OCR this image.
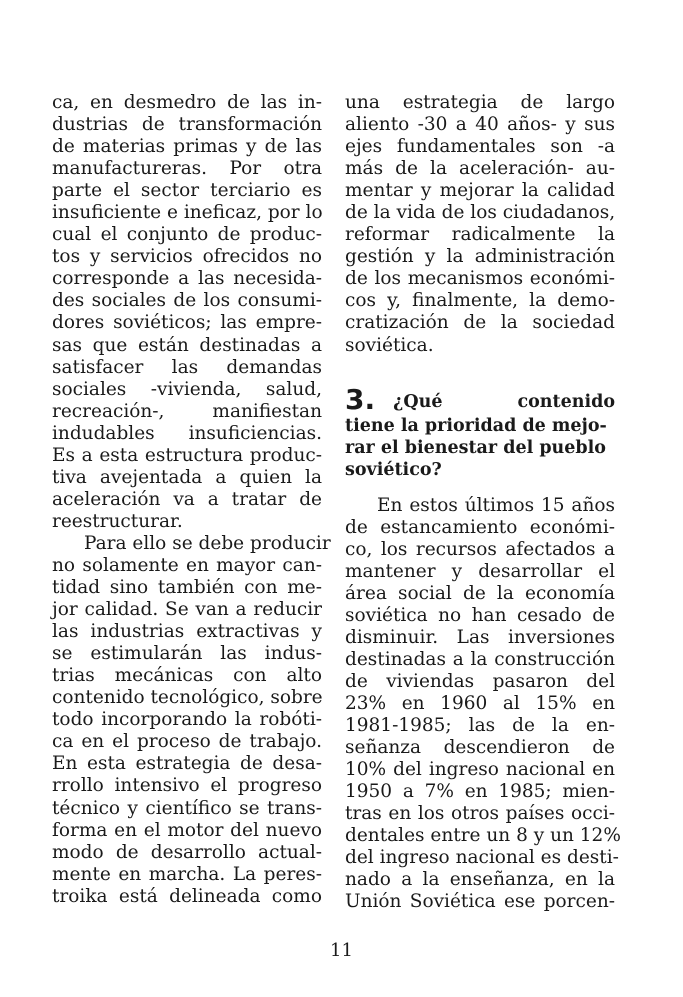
ca, en desmedro de las in-
dustrias de transformación
de materias primas y de las
manufactureras. Por otra
parte el sector terciario es
insuficiente e ineficaz, por lo
cual el conjunto de produc-
tos y servicios ofrecidos no
corresponde a las necesida-
des sociales de los consumi-
dores soviéticos; las empre-
sas que están destinadas a
satisfacer las demandas
sociales -vivienda, salud,
recreación-, manifiestan
indudables insuficiencias.
Es a esta estructura produc-
tiva avejentada a quien la
aceleración va a tratar de
reestructurar.
Para ello se debe producir
no solamente en mayor can-
tidad sino también con me-
jor calidad. Se van a reducir
las industrias extractivas y
se estimularán las indus-
trias mecánicas con alto
contenido tecnológico, sobre
todo incorporando la robóti-
ca en el proceso de trabajo.
En esta estrategia de desa-
rrollo intensivo el progreso
técnico y científico se trans-
forma en el motor del nuevo
modo de desarrollo actual-
mente en marcha. La peres-
troika está delineada como
una estrategia de largo
aliento -30 a 40 años- y sus
ejes fundamentales son -a
más de la aceleración- au-
mentar y mejorar la calidad
de la vida de los ciudadanos,
reformar radicalmente la
gestión y la administración
de los mecanismos económi-
cos y, finalmente, la demo-
cratización de la sociedad
soviética.
3. ¿Qué contenido
tiene la prioridad de mejo-
rar el bienestar del pueblo
soviético?
En estos últimos 15 años
de estancamiento económi-
co, los recursos afectados a
mantener y desarrollar el
área social de la economía
soviética no han cesado de
disminuir. Las inversiones
destinadas a la construcción
de viviendas pasaron del
23% en 1960 al 15% en
1981-1985; las de la en-
señanza descendieron de
10% del ingreso nacional en
1950 a 7% en 1985; mien-
tras en los otros países occi-
dentales entre un 8 y un 12%
del ingreso nacional es desti-
nado a la enseñanza, en la
Unión Soviética ese porcen-
11
